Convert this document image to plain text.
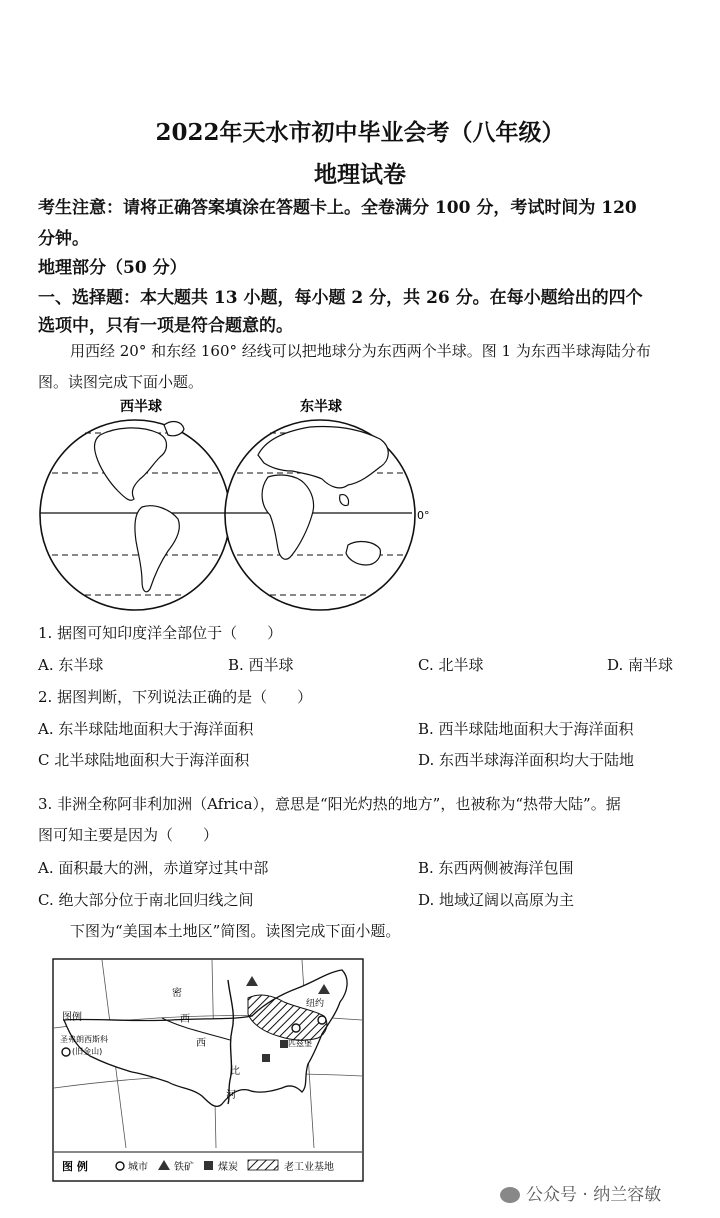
2022年天水市初中毕业会考（八年级）
地理试卷
考生注意：请将正确答案填涂在答题卡上。全卷满分 100 分，考试时间为 120
分钟。
地理部分（50 分）
一、选择题：本大题共 13 小题，每小题 2 分，共 26 分。在每小题给出的四个
选项中，只有一项是符合题意的。
用西经 20° 和东经 160° 经线可以把地球分为东西两个半球。图 1 为东西半球海陆分布
图。读图完成下面小题。
西半球	东半球
0°
1. 据图可知印度洋全部位于（　　）
A. 东半球	B. 西半球	C. 北半球	D. 南半球
2. 据图判断，下列说法正确的是（　　）
A. 东半球陆地面积大于海洋面积	B. 西半球陆地面积大于海洋面积
C 北半球陆地面积大于海洋面积	D. 东西半球海洋面积均大于陆地
3. 非洲全称阿非利加洲（Africa），意思是“阳光灼热的地方”，也被称为“热带大陆”。据
图可知主要是因为（　　）
A. 面积最大的洲，赤道穿过其中部	B. 东西两侧被海洋包围
C. 绝大部分位于南北回归线之间	D. 地域辽阔以高原为主
下图为“美国本土地区”简图。读图完成下面小题。
密
西
西
比
河
图例
圣弗朗西斯科
(旧金山)
纽约
匹兹堡
图 例	城市	铁矿 煤炭	老工业基地
公众号 · 纳兰容敏
